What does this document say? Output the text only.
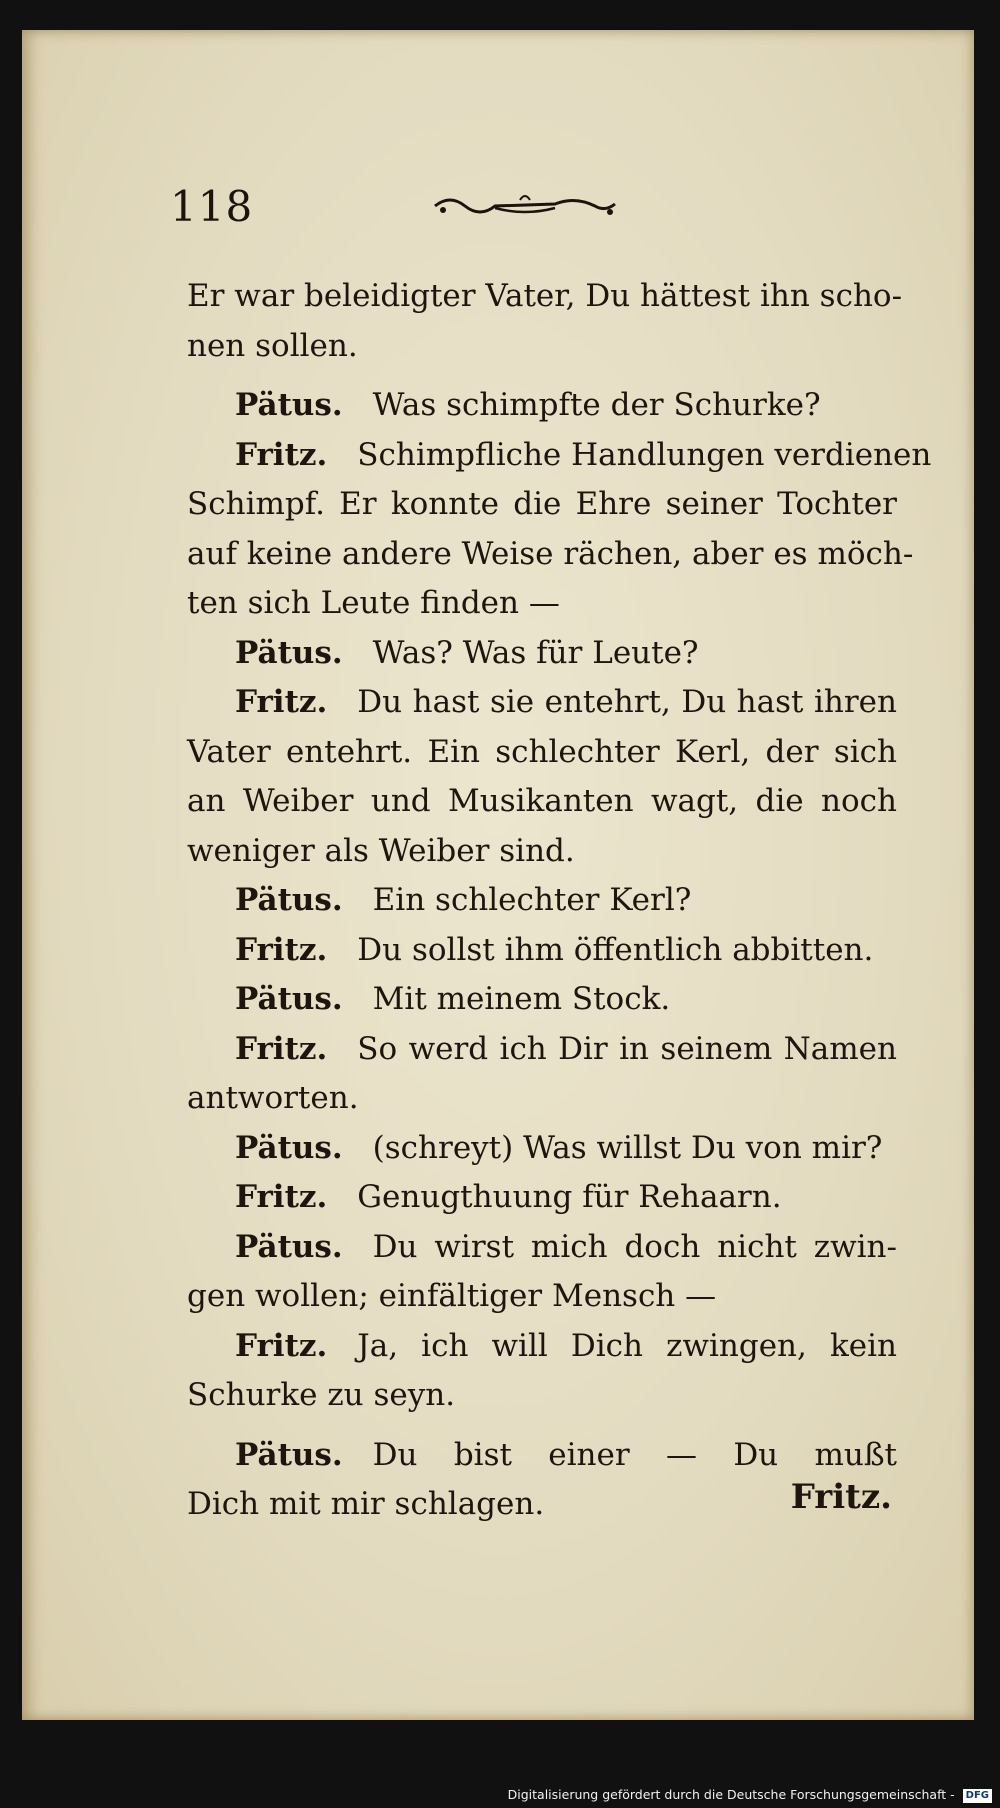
118
Er war beleidigter Vater, Du hättest ihn scho-
nen sollen.
Pätus. Was schimpfte der Schurke?
Fritz. Schimpfliche Handlungen verdienen
Schimpf. Er konnte die Ehre seiner Tochter
auf keine andere Weise rächen, aber es möch-
ten sich Leute finden —
Pätus. Was? Was für Leute?
Fritz. Du hast sie entehrt, Du hast ihren
Vater entehrt. Ein schlechter Kerl, der sich
an Weiber und Musikanten wagt, die noch
weniger als Weiber sind.
Pätus. Ein schlechter Kerl?
Fritz. Du sollst ihm öffentlich abbitten.
Pätus. Mit meinem Stock.
Fritz. So werd ich Dir in seinem Namen
antworten.
Pätus. (schreyt) Was willst Du von mir?
Fritz. Genugthuung für Rehaarn.
Pätus. Du wirst mich doch nicht zwin-
gen wollen; einfältiger Mensch —
Fritz. Ja, ich will Dich zwingen, kein
Schurke zu seyn.
Pätus. Du bist einer — Du mußt
Dich mit mir schlagen.	Fritz.
Digitalisierung gefördert durch die Deutsche Forschungsgemeinschaft - DFG
